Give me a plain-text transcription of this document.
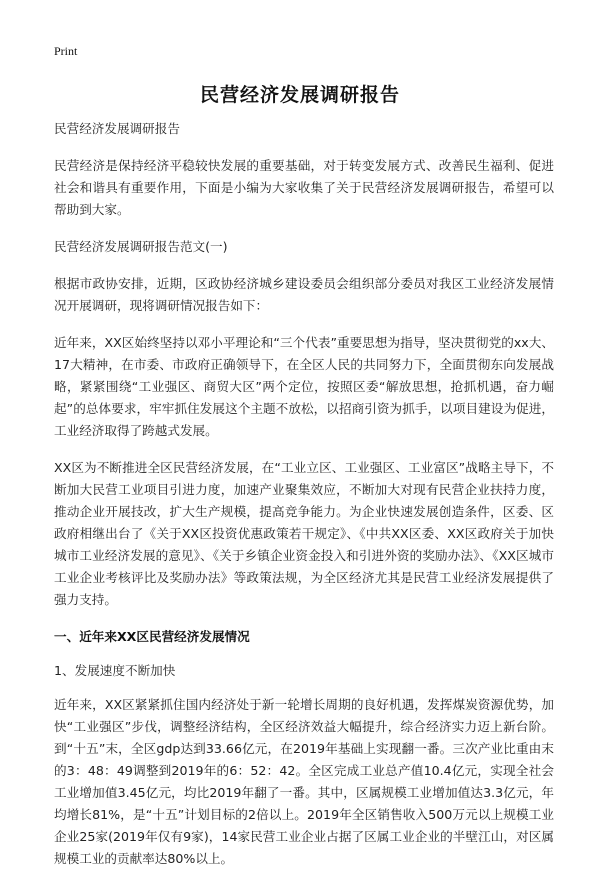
Print
民营经济发展调研报告

民营经济发展调研报告

民营经济是保持经济平稳较快发展的重要基础，对于转变发展方式、改善民生福利、促进社会和谐具有重要作用，下面是小编为大家收集了关于民营经济发展调研报告，希望可以帮助到大家。

民营经济发展调研报告范文(一)

根据市政协安排，近期，区政协经济城乡建设委员会组织部分委员对我区工业经济发展情况开展调研，现将调研情况报告如下：

近年来，XX区始终坚持以邓小平理论和“三个代表”重要思想为指导，坚决贯彻党的xx大、17大精神，在市委、市政府正确领导下，在全区人民的共同努力下，全面贯彻东向发展战略，紧紧围绕“工业强区、商贸大区”两个定位，按照区委“解放思想，抢抓机遇，奋力崛起”的总体要求，牢牢抓住发展这个主题不放松，以招商引资为抓手，以项目建设为促进，工业经济取得了跨越式发展。

XX区为不断推进全区民营经济发展，在“工业立区、工业强区、工业富区”战略主导下，不断加大民营工业项目引进力度，加速产业聚集效应，不断加大对现有民营企业扶持力度，推动企业开展技改，扩大生产规模，提高竞争能力。为企业快速发展创造条件，区委、区政府相继出台了《关于XX区投资优惠政策若干规定》、《中共XX区委、XX区政府关于加快城市工业经济发展的意见》、《关于乡镇企业资金投入和引进外资的奖励办法》、《XX区城市工业企业考核评比及奖励办法》等政策法规，为全区经济尤其是民营工业经济发展提供了强力支持。

一、近年来XX区民营经济发展情况

1、发展速度不断加快

近年来，XX区紧紧抓住国内经济处于新一轮增长周期的良好机遇，发挥煤炭资源优势，加快“工业强区”步伐，调整经济结构，全区经济效益大幅提升，综合经济实力迈上新台阶。到“十五”末，全区gdp达到33.66亿元，在2019年基础上实现翻一番。三次产业比重由末的3：48：49调整到2019年的6：52：42。全区完成工业总产值10.4亿元，实现全社会工业增加值3.45亿元，均比2019年翻了一番。其中，区属规模工业增加值达3.3亿元，年均增长81%，是“十五”计划目标的2倍以上。2019年全区销售收入500万元以上规模工业企业25家(2019年仅有9家)，14家民营工业企业占据了区属工业企业的半壁江山，对区属规模工业的贡献率达80%以上。
